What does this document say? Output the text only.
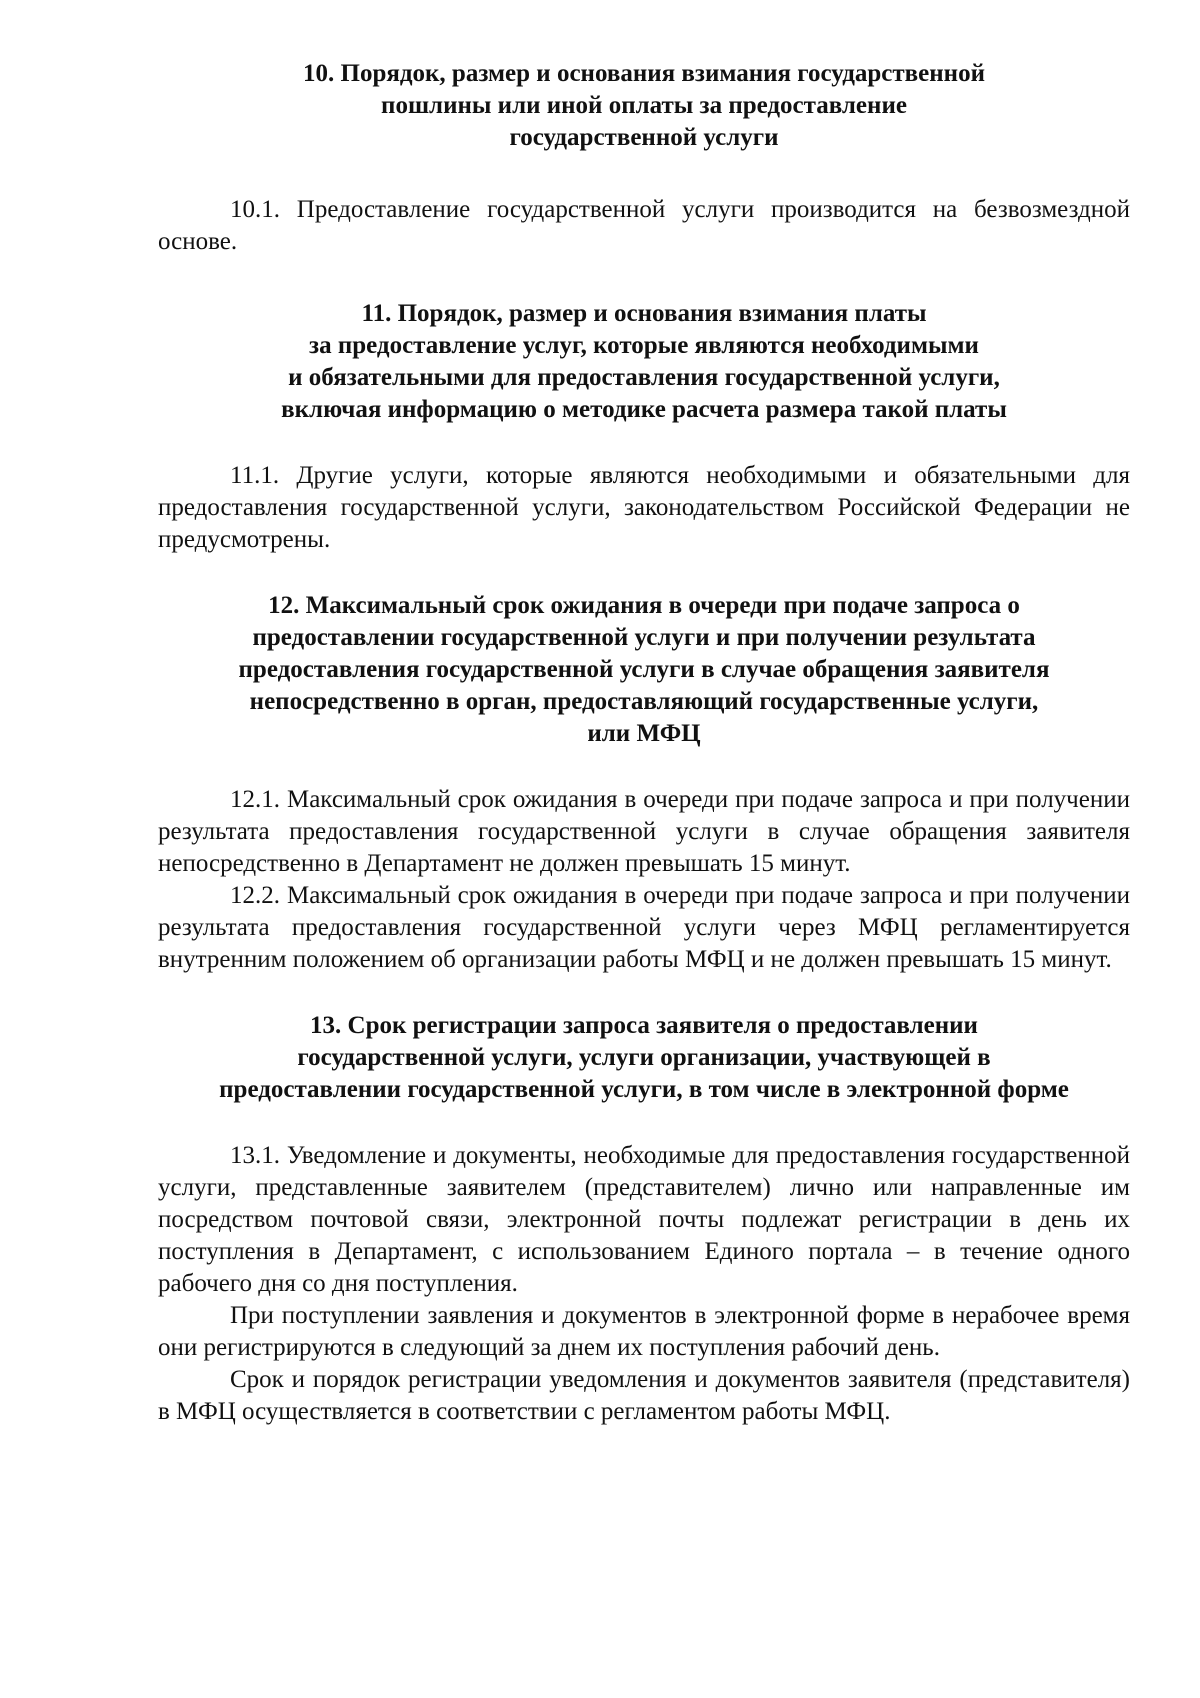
10. Порядок, размер и основания взимания государственной
пошлины или иной оплаты за предоставление
государственной услуги

10.1. Предоставление государственной услуги производится на безвозмездной основе.

11. Порядок, размер и основания взимания платы
за предоставление услуг, которые являются необходимыми
и обязательными для предоставления государственной услуги,
включая информацию о методике расчета размера такой платы

11.1. Другие услуги, которые являются необходимыми и обязательными для предоставления государственной услуги, законодательством Российской Федерации не предусмотрены.

12. Максимальный срок ожидания в очереди при подаче запроса о
предоставлении государственной услуги и при получении результата
предоставления государственной услуги в случае обращения заявителя
непосредственно в орган, предоставляющий государственные услуги,
или МФЦ

12.1. Максимальный срок ожидания в очереди при подаче запроса и при получении результата предоставления государственной услуги в случае обращения заявителя непосредственно в Департамент не должен превышать 15 минут.

12.2. Максимальный срок ожидания в очереди при подаче запроса и при получении результата предоставления государственной услуги через МФЦ регламентируется внутренним положением об организации работы МФЦ и не должен превышать 15 минут.

13. Срок регистрации запроса заявителя о предоставлении
государственной услуги, услуги организации, участвующей в
предоставлении государственной услуги, в том числе в электронной форме

13.1. Уведомление и документы, необходимые для предоставления государственной услуги, представленные заявителем (представителем) лично или направленные им посредством почтовой связи, электронной почты подлежат регистрации в день их поступления в Департамент, с использованием Единого портала – в течение одного рабочего дня со дня поступления.

При поступлении заявления и документов в электронной форме в нерабочее время они регистрируются в следующий за днем их поступления рабочий день.

Срок и порядок регистрации уведомления и документов заявителя (представителя) в МФЦ осуществляется в соответствии с регламентом работы МФЦ.
